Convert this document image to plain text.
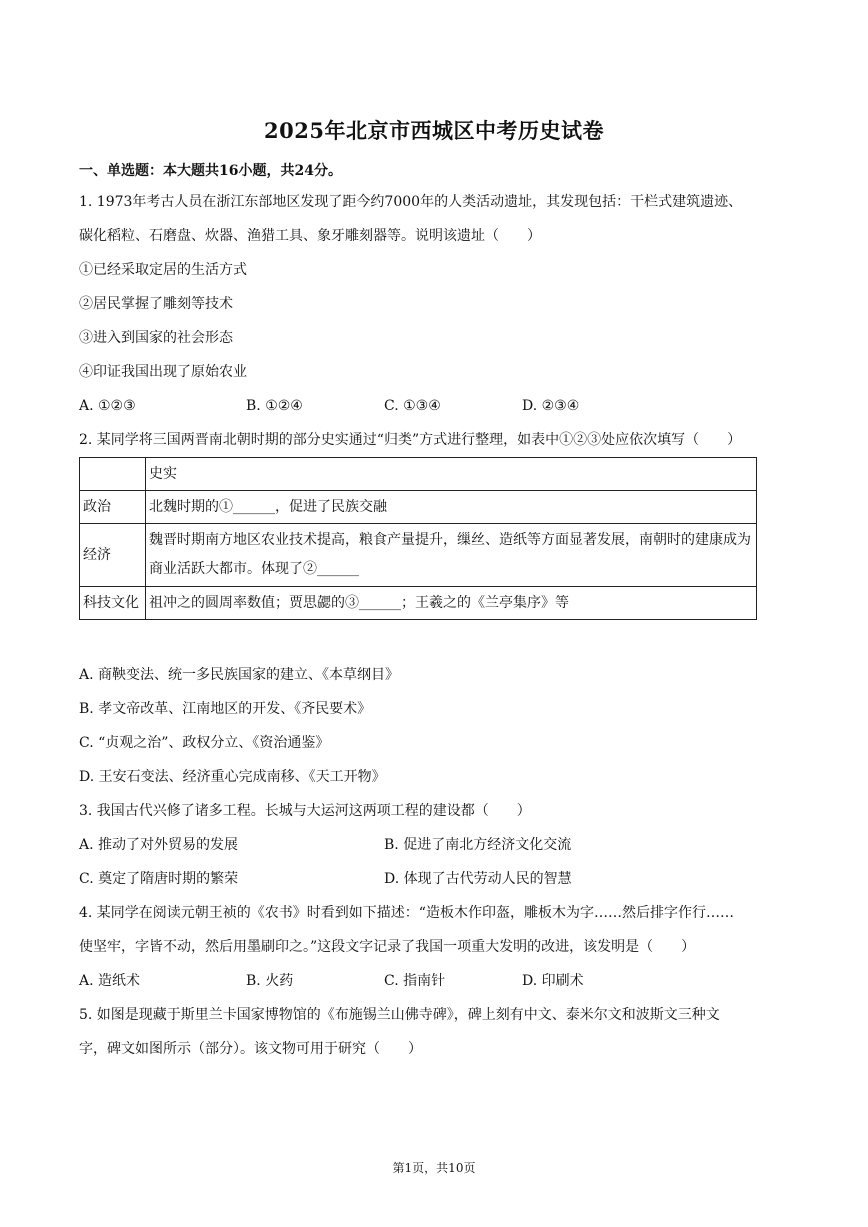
2025年北京市西城区中考历史试卷
一、单选题：本大题共16小题，共24分。
1. 1973年考古人员在浙江东部地区发现了距今约7000年的人类活动遗址，其发现包括：干栏式建筑遗迹、
碳化稻粒、石磨盘、炊器、渔猎工具、象牙雕刻器等。说明该遗址（　　）
①已经采取定居的生活方式
②居民掌握了雕刻等技术
③进入到国家的社会形态
④印证我国出现了原始农业
A. ①②③	B. ①②④	C. ①③④	D. ②③④
2. 某同学将三国两晋南北朝时期的部分史实通过“归类”方式进行整理，如表中①②③处应依次填写（　　）
	史实
政治	北魏时期的①______，促进了民族交融
经济	魏晋时期南方地区农业技术提高，粮食产量提升，缫丝、造纸等方面显著发展，南朝时的建康成为商业活跃大都市。体现了②______
科技文化	祖冲之的圆周率数值；贾思勰的③______；王羲之的《兰亭集序》等
A. 商鞅变法、统一多民族国家的建立、《本草纲目》
B. 孝文帝改革、江南地区的开发、《齐民要术》
C. “贞观之治”、政权分立、《资治通鉴》
D. 王安石变法、经济重心完成南移、《天工开物》
3. 我国古代兴修了诸多工程。长城与大运河这两项工程的建设都（　　）
A. 推动了对外贸易的发展	B. 促进了南北方经济文化交流
C. 奠定了隋唐时期的繁荣	D. 体现了古代劳动人民的智慧
4. 某同学在阅读元朝王祯的《农书》时看到如下描述：“造板木作印盔，雕板木为字……然后排字作行……
使坚牢，字皆不动，然后用墨刷印之。”这段文字记录了我国一项重大发明的改进，该发明是（　　）
A. 造纸术	B. 火药	C. 指南针	D. 印刷术
5. 如图是现藏于斯里兰卡国家博物馆的《布施锡兰山佛寺碑》，碑上刻有中文、泰米尔文和波斯文三种文
字，碑文如图所示（部分）。该文物可用于研究（　　）
第1页，共10页
